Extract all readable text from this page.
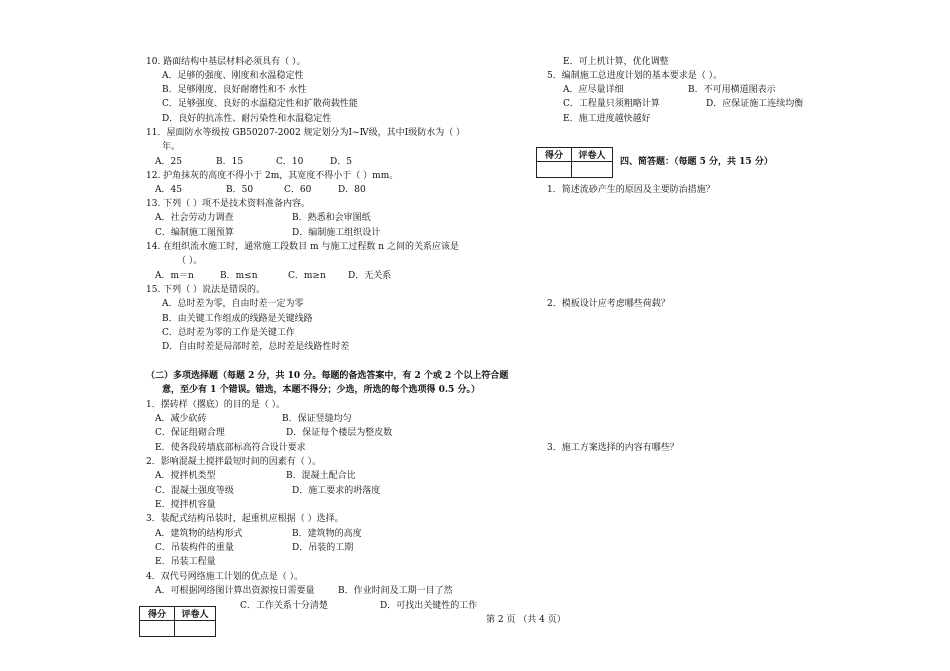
10. 路面结构中基层材料必须具有（ ）。
A．足够的强度、刚度和水温稳定性
B．足够刚度、良好耐磨性和不 水性
C．足够强度、良好的水温稳定性和扩散荷载性能
D．良好的抗冻性、耐污染性和水温稳定性
11．屋面防水等级按 GB50207-2002 规定划分为Ⅰ~Ⅳ级，其中Ⅰ级防水为（ ）
年。
A．25	B．15	C．10	D．5
12. 护角抹灰的高度不得小于 2m，其宽度不得小于（ ）mm。
A．45	B．50	C．60	D．80
13. 下列（ ）项不是技术资料准备内容。
A．社会劳动力调查	B．熟悉和会审图纸
C．编制施工图预算	D．编制施工组织设计
14. 在组织流水施工时，通常施工段数目 m 与施工过程数 n 之间的关系应该是
（ ）。
A．m＝n	B．m≤n	C．m≥n D．无关系
15. 下列（ ）说法是错误的。
A．总时差为零，自由时差一定为零
B．由关键工作组成的线路是关键线路
C．总时差为零的工作是关键工作
D．自由时差是局部时差，总时差是线路性时差
（二）多项选择题（每题 2 分，共 10 分。每题的备选答案中，有 2 个或 2 个以上符合题
意，至少有 1 个错误。错选，本题不得分；少选，所选的每个选项得 0.5 分。）
1．摆砖样（撂底）的目的是（ ）。
A．减少砍砖	B．保证竖缝均匀
C．保证组砌合理	D．保证每个楼层为整皮数
E．使各段砖墙底部标高符合设计要求
2．影响混凝土搅拌最短时间的因素有（ ）。
A．搅拌机类型	B．混凝土配合比
C．混凝土强度等级	D．施工要求的坍落度
E．搅拌机容量
3．装配式结构吊装时，起重机应根据（ ）选择。
A．建筑物的结构形式	B．建筑物的高度
C．吊装构件的重量	D．吊装的工期
E．吊装工程量
4．双代号网络施工计划的优点是（ ）。
A．可根据网络图计算出资源按日需要量	B．作业时间及工期一目了然
C．工作关系十分清楚	D．可找出关键性的工作
得分	评卷人

E．可上机计算，优化调整
5．编制施工总进度计划的基本要求是（ ）。
A．应尽量详细	B．不可用横道图表示
C．工程量只须粗略计算	D．应保证施工连续均衡
E．施工进度越快越好
得分	评卷人

四、简答题：（每题 5 分，共 15 分）
1．简述流砂产生的原因及主要防治措施？
2．模板设计应考虑哪些荷载？
3．施工方案选择的内容有哪些？
第 2 页 （共 4 页）
